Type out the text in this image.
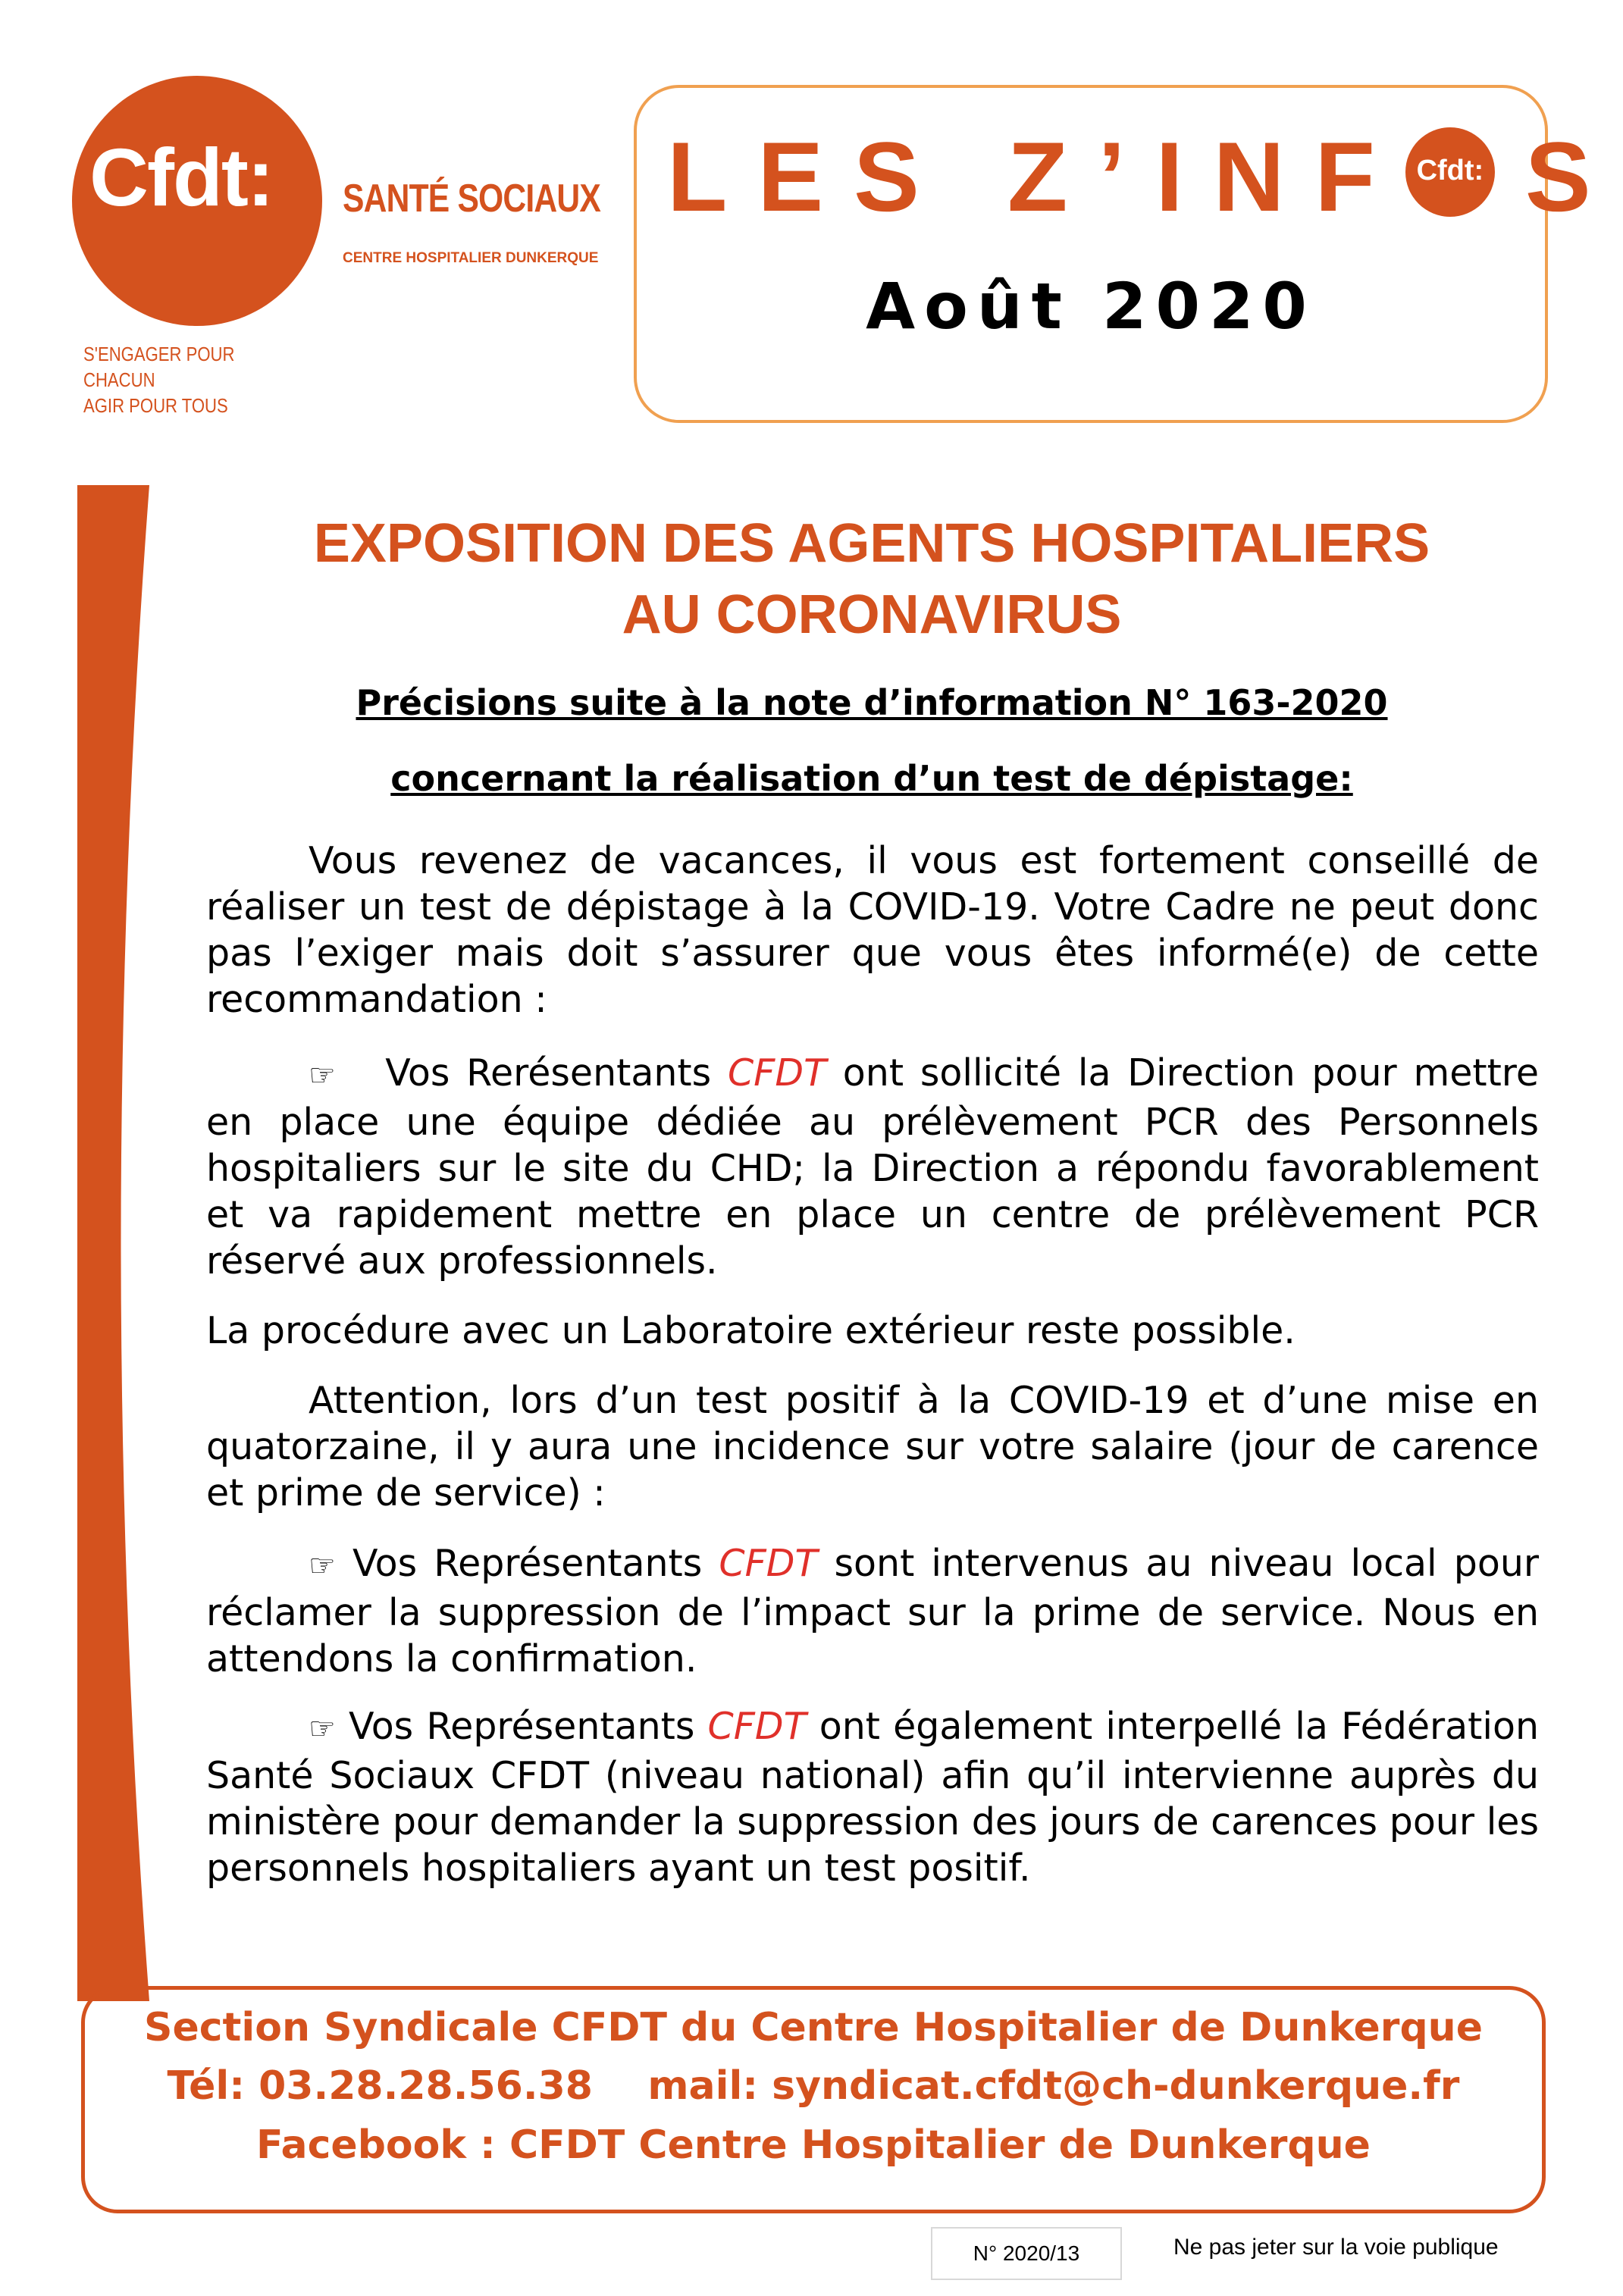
Cfdt:	SANTÉ SOCIAUX
CENTRE HOSPITALIER DUNKERQUE
S'ENGAGER POUR CHACUN
AGIR POUR TOUS
LES Z’INF Cfdt: S
Août 2020
EXPOSITION DES AGENTS HOSPITALIERS
AU CORONAVIRUS
Précisions suite à la note d’information N° 163-2020
concernant la réalisation d’un test de dépistage:
Vous revenez de vacances, il vous est fortement conseillé de réaliser un test de dépistage à la COVID-19. Votre Cadre ne peut donc pas l’exiger mais doit s’assurer que vous êtes informé(e) de cette recommandation :
☞ Vos Rerésentants CFDT ont sollicité la Direction pour mettre en place une équipe dédiée au prélèvement PCR des Personnels hospitaliers sur le site du CHD; la Direction a répondu favorablement et va rapidement mettre en place un centre de prélèvement PCR réservé aux professionnels.
La procédure avec un Laboratoire extérieur reste possible.
Attention, lors d’un test positif à la COVID-19 et d’une mise en quatorzaine, il y aura une incidence sur votre salaire (jour de carence et prime de service) :
☞ Vos Représentants CFDT sont intervenus au niveau local pour réclamer la suppression de l’impact sur la prime de service. Nous en attendons la confirmation.
☞ Vos Représentants CFDT ont également interpellé la Fédération Santé Sociaux CFDT (niveau national) afin qu’il intervienne auprès du ministère pour demander la suppression des jours de carences pour les personnels hospitaliers ayant un test positif.
Section Syndicale CFDT du Centre Hospitalier de Dunkerque
Tél: 03.28.28.56.38    mail: syndicat.cfdt@ch-dunkerque.fr
Facebook : CFDT Centre Hospitalier de Dunkerque
N° 2020/13	Ne pas jeter sur la voie publique
